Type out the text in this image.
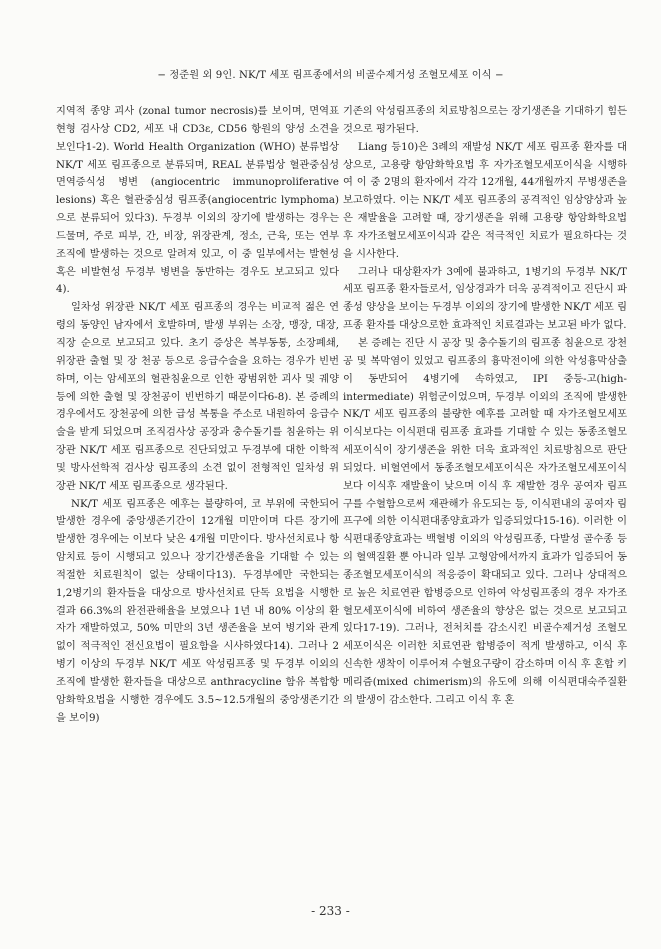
− 정준원 외 9인. NK/T 세포 림프종에서의 비골수제거성 조혈모세포 이식 −

지역적 종양 괴사 (zonal tumor necrosis)를 보이며, 면역표현형 검사상 CD2, 세포 내 CD3ε, CD56 항원의 양성 소견을 보인다1-2). World Health Organization (WHO) 분류법상 NK/T 세포 림프종으로 분류되며, REAL 분류법상 혈관중심성 면역증식성 병변 (angiocentric immunoproliferative lesions) 혹은 혈관중심성 림프종(angiocentric lymphoma)으로 분류되어 있다3). 두경부 이외의 장기에 발생하는 경우는 드물며, 주로 피부, 간, 비장, 위장관계, 정소, 근육, 또는 연부 조직에 발생하는 것으로 알려져 있고, 이 중 일부에서는 발현성 혹은 비발현성 두경부 병변을 동반하는 경우도 보고되고 있다4).

일차성 위장관 NK/T 세포 림프종의 경우는 비교적 젊은 연령의 동양인 남자에서 호발하며, 발생 부위는 소장, 맹장, 대장, 직장 순으로 보고되고 있다. 초기 증상은 복부동통, 소장폐쇄, 위장관 출혈 및 장 천공 등으로 응급수술을 요하는 경우가 빈번하며, 이는 암세포의 혈관침윤으로 인한 광범위한 괴사 및 궤양등에 의한 출혈 및 장천공이 빈번하기 때문이다6-8). 본 증례의 경우에서도 장천공에 의한 급성 복통을 주소로 내원하여 응급수술을 받게 되었으며 조직검사상 공장과 충수돌기를 침윤하는 위장관 NK/T 세포 림프종으로 진단되었고 두경부에 대한 이학적 및 방사선학적 검사상 림프종의 소견 없이 전형적인 일차성 위장관 NK/T 세포 림프종으로 생각된다.

NK/T 세포 림프종은 예후는 불량하여, 코 부위에 국한되어 발생한 경우에 중앙생존기간이 12개월 미만이며 다른 장기에 발생한 경우에는 이보다 낮은 4개월 미만이다. 방사선치료나 항암치료 등이 시행되고 있으나 장기간생존율을 기대할 수 있는 적절한 치료원칙이 없는 상태이다13). 두경부에만 국한되는 1,2병기의 환자들을 대상으로 방사선치료 단독 요법을 시행한 결과 66.3%의 완전관해율을 보였으나 1년 내 80% 이상의 환자가 재발하였고, 50% 미만의 3년 생존율을 보여 병기와 관계없이 적극적인 전신요법이 필요함을 시사하였다14). 그러나 2병기 이상의 두경부 NK/T 세포 악성림프종 및 두경부 이외의 조직에 발생한 환자들을 대상으로 anthracycline 함유 복합항암화학요법을 시행한 경우에도 3.5~12.5개월의 중앙생존기간을 보이9)

기존의 악성림프종의 치료방침으로는 장기생존을 기대하기 힘든 것으로 평가된다.

Liang 등10)은 3례의 재발성 NK/T 세포 림프종 환자를 대상으로, 고용량 항암화학요법 후 자가조혈모세포이식을 시행하여 이 중 2명의 환자에서 각각 12개월, 44개월까지 무병생존을 보고하였다. 이는 NK/T 세포 림프종의 공격적인 임상양상과 높은 재발율을 고려할 때, 장기생존을 위해 고용량 항암화학요법 후 자가조혈모세포이식과 같은 적극적인 치료가 필요하다는 것을 시사한다.

그러나 대상환자가 3예에 불과하고, 1병기의 두경부 NK/T 세포 림프종 환자들로서, 임상경과가 더욱 공격적이고 진단시 파종성 양상을 보이는 두경부 이외의 장기에 발생한 NK/T 세포 림프종 환자를 대상으로한 효과적인 치료결과는 보고된 바가 없다.

본 증례는 진단 시 공장 및 충수돌기의 림프종 침윤으로 장천공 및 복막염이 있었고 림프종의 흉막전이에 의한 악성흉막삼출이 동반되어 4병기에 속하였고, IPI 중등-고(high-intermediate) 위험군이었으며, 두경부 이외의 조직에 발생한 NK/T 세포 림프종의 불량한 예후를 고려할 때 자가조혈모세포이식보다는 이식편대 림프종 효과를 기대할 수 있는 동종조혈모세포이식이 장기생존을 위한 더욱 효과적인 치료방침으로 판단되었다. 비혈연에서 동종조혈모세포이식은 자가조혈모세포이식보다 이식후 재발율이 낮으며 이식 후 재발한 경우 공여자 림프구를 수혈함으로써 재관해가 유도되는 등, 이식편내의 공여자 림프구에 의한 이식편대종양효과가 입증되었다15-16). 이러한 이식편대종양효과는 백혈병 이외의 악성림프종, 다발성 골수종 등의 혈액질환 뿐 아니라 일부 고형암에서까지 효과가 입증되어 동종조혈모세포이식의 적응증이 확대되고 있다. 그러나 상대적으로 높은 치료연관 합병증으로 인하여 악성림프종의 경우 자가조혈모세포이식에 비하여 생존율의 향상은 없는 것으로 보고되고 있다17-19). 그러나, 전처치를 감소시킨 비골수제거성 조혈모세포이식은 이러한 치료연관 합병증이 적게 발생하고, 이식 후 신속한 생착이 이루어져 수혈요구량이 감소하며 이식 후 혼합 키메리즘(mixed chimerism)의 유도에 의해 이식편대숙주질환의 발생이 감소한다. 그리고 이식 후 혼

- 233 -
